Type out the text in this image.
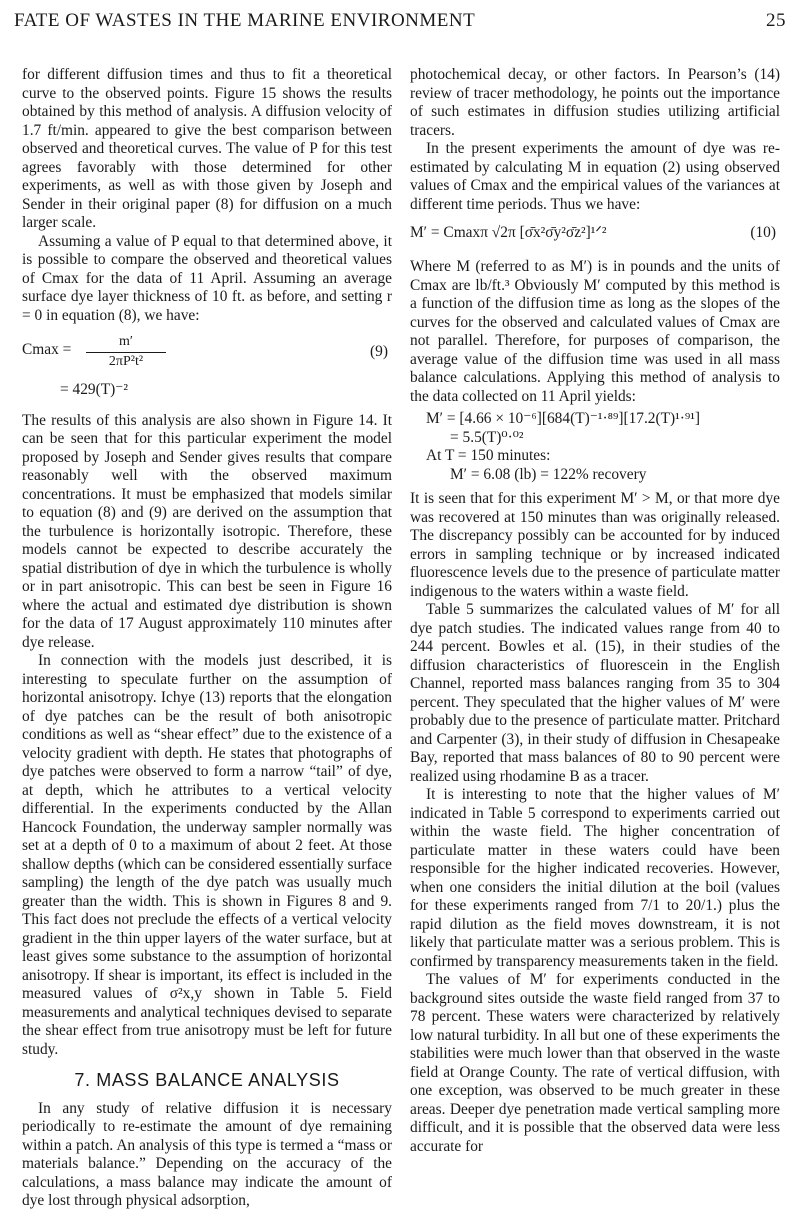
FATE OF WASTES IN THE MARINE ENVIRONMENT	25

for different diffusion times and thus to fit a theoretical curve to the observed points. Figure 15 shows the results obtained by this method of analysis. A diffusion velocity of 1.7 ft/min. appeared to give the best comparison between observed and theoretical curves. The value of P for this test agrees favorably with those determined for other experiments, as well as with those given by Joseph and Sender in their original paper (8) for diffusion on a much larger scale.

Assuming a value of P equal to that determined above, it is possible to compare the observed and theoretical values of Cmax for the data of 11 April. Assuming an average surface dye layer thickness of 10 ft. as before, and setting r = 0 in equation (8), we have:

$Cmax = \frac{m'}{\text{2πP²t²}}$	(9)
= 429(T)⁻²

The results of this analysis are also shown in Figure 14. It can be seen that for this particular experiment the model proposed by Joseph and Sender gives results that compare reasonably well with the observed maximum concentrations. It must be emphasized that models similar to equation (8) and (9) are derived on the assumption that the turbulence is horizontally isotropic. Therefore, these models cannot be expected to describe accurately the spatial distribution of dye in which the turbulence is wholly or in part anisotropic. This can best be seen in Figure 16 where the actual and estimated dye distribution is shown for the data of 17 August approximately 110 minutes after dye release.

In connection with the models just described, it is interesting to speculate further on the assumption of horizontal anisotropy. Ichye (13) reports that the elongation of dye patches can be the result of both anisotropic conditions as well as “shear effect” due to the existence of a velocity gradient with depth. He states that photographs of dye patches were observed to form a narrow “tail” of dye, at depth, which he attributes to a vertical velocity differential. In the experiments conducted by the Allan Hancock Foundation, the underway sampler normally was set at a depth of 0 to a maximum of about 2 feet. At those shallow depths (which can be considered essentially surface sampling) the length of the dye patch was usually much greater than the width. This is shown in Figures 8 and 9. This fact does not preclude the effects of a vertical velocity gradient in the thin upper layers of the water surface, but at least gives some substance to the assumption of horizontal anisotropy. If shear is important, its effect is included in the measured values of σ²x,y shown in Table 5. Field measurements and analytical techniques devised to separate the shear effect from true anisotropy must be left for future study.

7. MASS BALANCE ANALYSIS

In any study of relative diffusion it is necessary periodically to re-estimate the amount of dye remaining within a patch. An analysis of this type is termed a “mass or materials balance.” Depending on the accuracy of the calculations, a mass balance may indicate the amount of dye lost through physical adsorption,

photochemical decay, or other factors. In Pearson’s (14) review of tracer methodology, he points out the importance of such estimates in diffusion studies utilizing artificial tracers.

In the present experiments the amount of dye was re-estimated by calculating M in equation (2) using observed values of Cmax and the empirical values of the variances at different time periods. Thus we have:

M′ = Cmaxπ √2π [σ̄x²σ̄y²σ̄z²]¹ᐟ²	(10)

Where M (referred to as M′) is in pounds and the units of Cmax are lb/ft.³ Obviously M′ computed by this method is a function of the diffusion time as long as the slopes of the curves for the observed and calculated values of Cmax are not parallel. Therefore, for purposes of comparison, the average value of the diffusion time was used in all mass balance calculations. Applying this method of analysis to the data collected on 11 April yields:

M′ = [4.66 × 10⁻⁶][684(T)⁻¹·⁸⁹][17.2(T)¹·⁹¹]
= 5.5(T)⁰·⁰²
At T = 150 minutes:
M′ = 6.08 (lb) = 122% recovery

It is seen that for this experiment M′ > M, or that more dye was recovered at 150 minutes than was originally released. The discrepancy possibly can be accounted for by induced errors in sampling technique or by increased indicated fluorescence levels due to the presence of particulate matter indigenous to the waters within a waste field.

Table 5 summarizes the calculated values of M′ for all dye patch studies. The indicated values range from 40 to 244 percent. Bowles et al. (15), in their studies of the diffusion characteristics of fluorescein in the English Channel, reported mass balances ranging from 35 to 304 percent. They speculated that the higher values of M′ were probably due to the presence of particulate matter. Pritchard and Carpenter (3), in their study of diffusion in Chesapeake Bay, reported that mass balances of 80 to 90 percent were realized using rhodamine B as a tracer.

It is interesting to note that the higher values of M′ indicated in Table 5 correspond to experiments carried out within the waste field. The higher concentration of particulate matter in these waters could have been responsible for the higher indicated recoveries. However, when one considers the initial dilution at the boil (values for these experiments ranged from 7/1 to 20/1.) plus the rapid dilution as the field moves downstream, it is not likely that particulate matter was a serious problem. This is confirmed by transparency measurements taken in the field.

The values of M′ for experiments conducted in the background sites outside the waste field ranged from 37 to 78 percent. These waters were characterized by relatively low natural turbidity. In all but one of these experiments the stabilities were much lower than that observed in the waste field at Orange County. The rate of vertical diffusion, with one exception, was observed to be much greater in these areas. Deeper dye penetration made vertical sampling more difficult, and it is possible that the observed data were less accurate for
